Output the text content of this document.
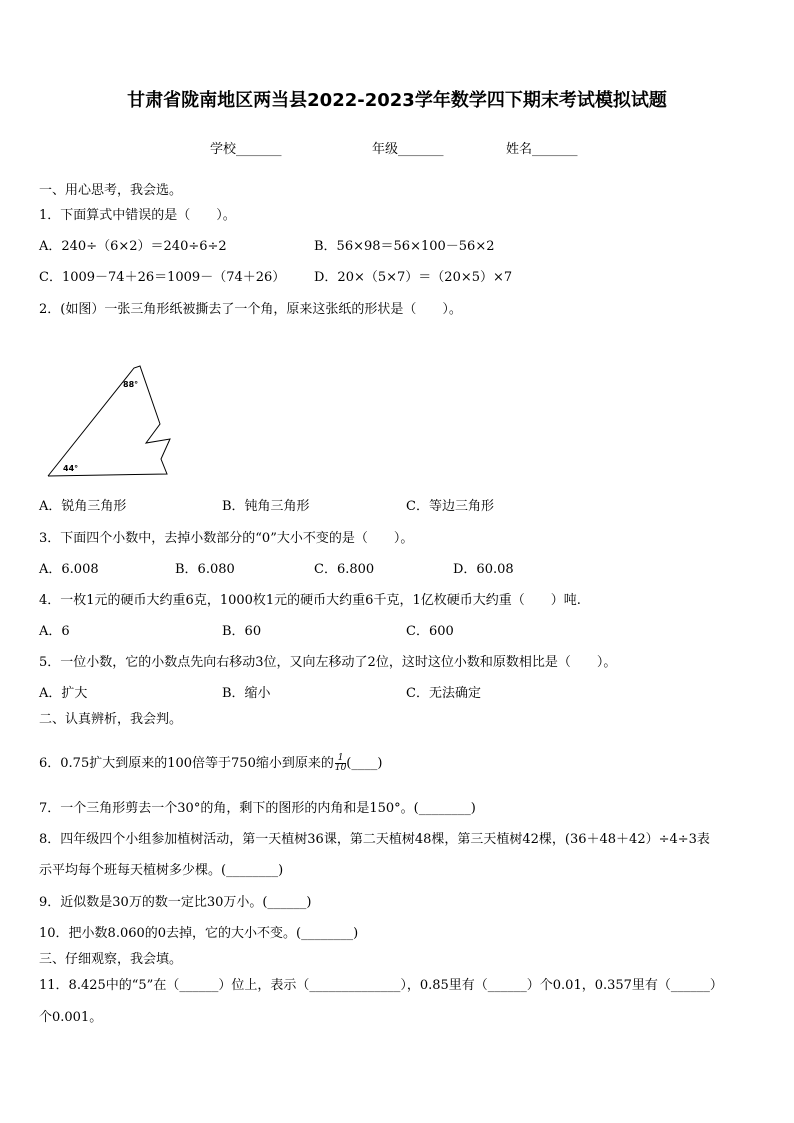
甘肃省陇南地区两当县2022-2023学年数学四下期末考试模拟试题
学校_______	年级_______	姓名_______
一、用心思考，我会选。
1．下面算式中错误的是（　　）。
A．240÷（6×2）＝240÷6÷2	B．56×98＝56×100－56×2
C．1009－74＋26＝1009－（74＋26） D．20×（5×7）＝（20×5）×7
2．(如图）一张三角形纸被撕去了一个角，原来这张纸的形状是（　　）。
88°
44°
A．锐角三角形	B．钝角三角形	C．等边三角形
3．下面四个小数中，去掉小数部分的“0”大小不变的是（　　）。
A．6.008	B．6.080	C．6.800	D．60.08
4．一枚1元的硬币大约重6克，1000枚1元的硬币大约重6千克，1亿枚硬币大约重（　　）吨.
A．6	B．60	C．600
5．一位小数，它的小数点先向右移动3位，又向左移动了2位，这时这位小数和原数相比是（　　）。
A．扩大	B．缩小	C．无法确定
二、认真辨析，我会判。
6．0.75扩大到原来的100倍等于750缩小到原来的 $\frac{1}{10}$ (____)
7．一个三角形剪去一个30°的角，剩下的图形的内角和是150°。(________)
8．四年级四个小组参加植树活动，第一天植树36课，第二天植树48棵，第三天植树42棵，(36＋48＋42）÷4÷3表
示平均每个班每天植树多少棵。(________)
9．近似数是30万的数一定比30万小。(______)
10．把小数8.060的0去掉，它的大小不变。(________)
三、仔细观察，我会填。
11．8.425中的“5”在（______）位上，表示（______________），0.85里有（______）个0.01，0.357里有（______）
个0.001。
